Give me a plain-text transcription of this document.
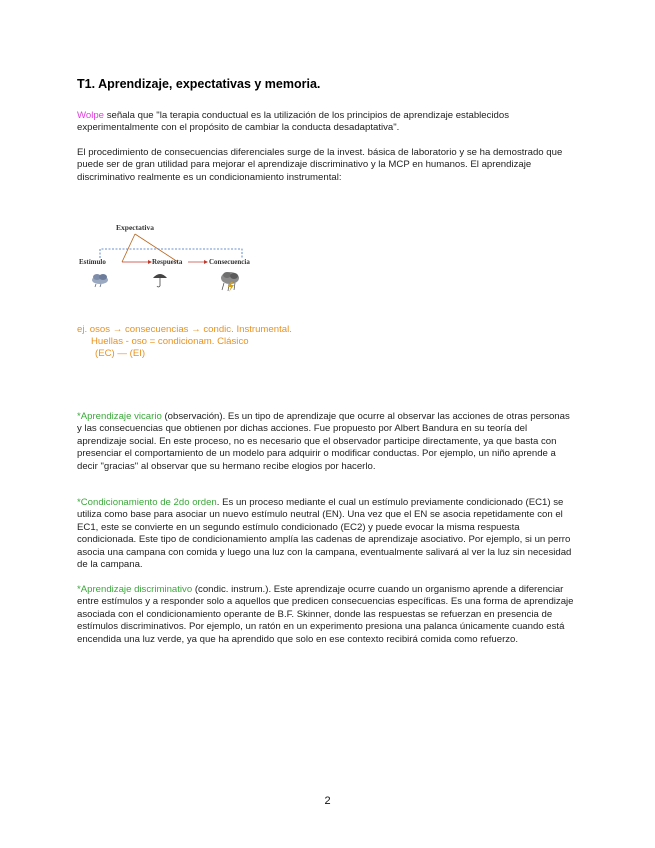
T1. Aprendizaje, expectativas y memoria.
Wolpe señala que "la terapia conductual es la utilización de los principios de aprendizaje establecidos experimentalmente con el propósito de cambiar la conducta desadaptativa".
El procedimiento de consecuencias diferenciales surge de la invest. básica de laboratorio y se ha demostrado que puede ser de gran utilidad para mejorar el aprendizaje discriminativo y la MCP en humanos. El aprendizaje discriminativo realmente es un condicionamiento instrumental:
Expectativa
Estímulo	Respuesta	Consecuencia
ej. osos → consecuencias → condic. Instrumental.
Huellas - oso = condicionam. Clásico
(EC) — (EI)
*Aprendizaje vicario (observación). Es un tipo de aprendizaje que ocurre al observar las acciones de otras personas y las consecuencias que obtienen por dichas acciones. Fue propuesto por Albert Bandura en su teoría del aprendizaje social. En este proceso, no es necesario que el observador participe directamente, ya que basta con presenciar el comportamiento de un modelo para adquirir o modificar conductas. Por ejemplo, un niño aprende a decir "gracias" al observar que su hermano recibe elogios por hacerlo.
*Condicionamiento de 2do orden. Es un proceso mediante el cual un estímulo previamente condicionado (EC1) se utiliza como base para asociar un nuevo estímulo neutral (EN). Una vez que el EN se asocia repetidamente con el EC1, este se convierte en un segundo estímulo condicionado (EC2) y puede evocar la misma respuesta condicionada. Este tipo de condicionamiento amplía las cadenas de aprendizaje asociativo. Por ejemplo, si un perro asocia una campana con comida y luego una luz con la campana, eventualmente salivará al ver la luz sin necesidad de la campana.
*Aprendizaje discriminativo (condic. instrum.). Este aprendizaje ocurre cuando un organismo aprende a diferenciar entre estímulos y a responder solo a aquellos que predicen consecuencias específicas. Es una forma de aprendizaje asociada con el condicionamiento operante de B.F. Skinner, donde las respuestas se refuerzan en presencia de estímulos discriminativos. Por ejemplo, un ratón en un experimento presiona una palanca únicamente cuando está encendida una luz verde, ya que ha aprendido que solo en ese contexto recibirá comida como refuerzo.
2
